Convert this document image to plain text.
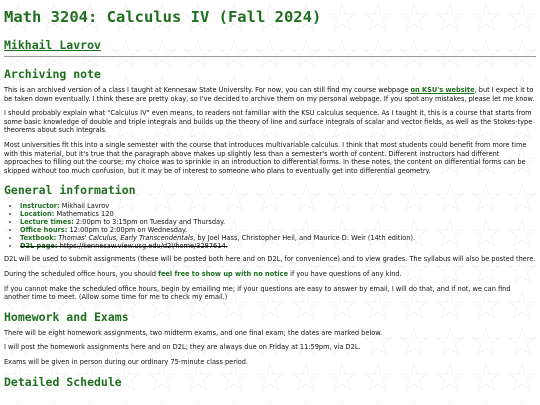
Math 3204: Calculus IV (Fall 2024)
Mikhail Lavrov
Archiving note

This is an archived version of a class I taught at Kennesaw State University. For now, you can still find my course webpage on KSU's website, but I expect it to be taken down eventually. I think these are pretty okay, so I've decided to archive them on my personal webpage. If you spot any mistakes, please let me know.

I should probably explain what "Calculus IV" even means, to readers not familiar with the KSU calculus sequence. As I taught it, this is a course that starts from some basic knowledge of double and triple integrals and builds up the theory of line and surface integrals of scalar and vector fields, as well as the Stokes-type theorems about such integrals.

Most universities fit this into a single semester with the course that introduces multivariable calculus. I think that most students could benefit from more time with this material, but it's true that the paragraph above makes up slightly less than a semester's worth of content. Different instructors had different approaches to filling out the course; my choice was to sprinkle in an introduction to differential forms. In these notes, the content on differential forms can be skipped without too much confusion, but it may be of interest to someone who plans to eventually get into differential geometry.

General information
• Instructor: Mikhail Lavrov
• Location: Mathematics 120
• Lecture times: 2:00pm to 3:15pm on Tuesday and Thursday.
• Office hours: 12:00pm to 2:00pm on Wednesday.
• Textbook: Thomas' Calculus, Early Transcendentals, by Joel Hass, Christopher Heil, and Maurice D. Weir (14th edition).
• D2L page: https://kennesaw.view.usg.edu/d2l/home/3287614.

D2L will be used to submit assignments (these will be posted both here and on D2L, for convenience) and to view grades. The syllabus will also be posted there.

During the scheduled office hours, you should feel free to show up with no notice if you have questions of any kind.

If you cannot make the scheduled office hours, begin by emailing me; if your questions are easy to answer by email, I will do that, and if not, we can find another time to meet. (Allow some time for me to check my email.)

Homework and Exams

There will be eight homework assignments, two midterm exams, and one final exam; the dates are marked below.

I will post the homework assignments here and on D2L; they are always due on Friday at 11:59pm, via D2L.

Exams will be given in person during our ordinary 75-minute class period.

Detailed Schedule
